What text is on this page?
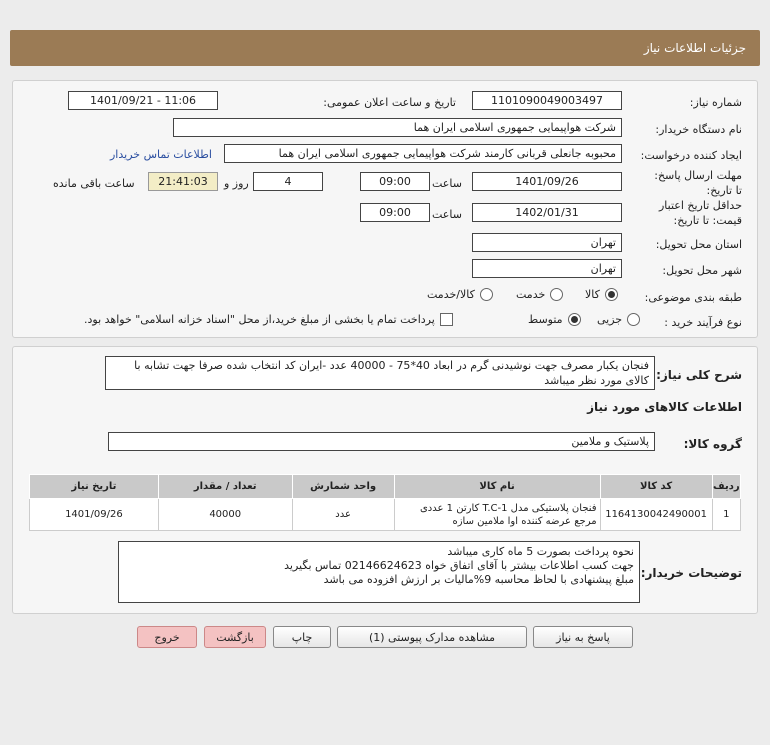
جزئیات اطلاعات نیاز
شماره نیاز:
1101090049003497
تاریخ و ساعت اعلان عمومی:
1401/09/21 - 11:06
نام دستگاه خریدار:
شرکت هواپیمایی جمهوری اسلامی ایران هما
ایجاد کننده درخواست:
محبوبه جانعلی قربانی کارمند شرکت هواپیمایی جمهوری اسلامی ایران هما
اطلاعات تماس خریدار
مهلت ارسال پاسخ: تا تاریخ:
1401/09/26
ساعت
09:00
4
روز و
21:41:03
ساعت باقی مانده
حداقل تاریخ اعتبار قیمت: تا تاریخ:
1402/01/31
ساعت
09:00
استان محل تحویل:
تهران
شهر محل تحویل:
تهران
طبقه بندی موضوعی:
کالا
خدمت
کالا/خدمت
نوع فرآیند خرید :
جزیی
متوسط
پرداخت تمام یا بخشی از مبلغ خرید،از محل "اسناد خزانه اسلامی" خواهد بود.
شرح کلی نیاز:
فنجان یکبار مصرف جهت نوشیدنی گرم در ابعاد 40*75 - 40000 عدد -ایران کد انتخاب شده صرفا جهت تشابه با کالای مورد نظر میباشد
اطلاعات کالاهای مورد نیاز
گروه کالا:
پلاستیک و ملامین
ردیف	کد کالا	نام کالا	واحد شمارش	تعداد / مقدار	تاریخ نیاز
1	1164130042490001	فنجان پلاستیکی مدل T.C-1 کارتن 1 عددی مرجع عرضه کننده اوا ملامین سازه	عدد	40000	1401/09/26
توضیحات خریدار:
نحوه پرداخت بصورت 5 ماه کاری میباشد
جهت کسب اطلاعات بیشتر با آقای اتفاق خواه 02146624623 تماس بگیرید
مبلغ پیشنهادی با لحاظ محاسبه 9%مالیات بر ارزش افزوده می باشد
پاسخ به نیاز
مشاهده مدارک پیوستی (1)
چاپ
بازگشت
خروج
